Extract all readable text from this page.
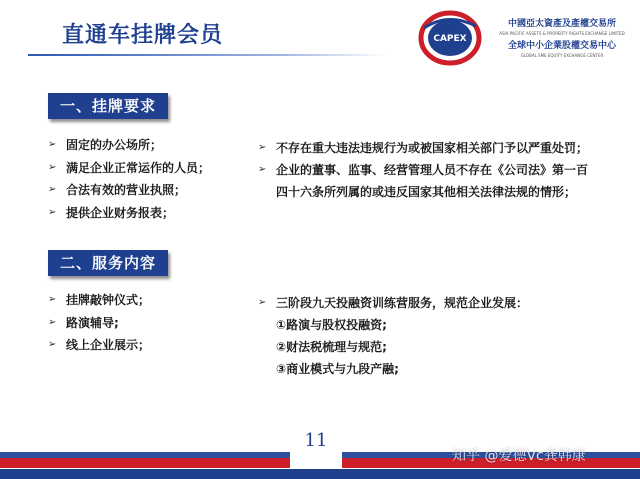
直通车挂牌会员	CAPEX
中國亞太資產及產權交易所
ASIA PACIFIC ASSETS & PROPERTY RIGHTS EXCHANGE LIMITED
全球中小企業股權交易中心
GLOBAL SME EQUITY EXCHANGE CENTER
一、挂牌要求
➢ 固定的办公场所；
➢ 满足企业正常运作的人员；
➢ 合法有效的营业执照；
➢ 提供企业财务报表；
➢ 不存在重大违法违规行为或被国家相关部门予以严重处罚；
➢ 企业的董事、监事、经营管理人员不存在《公司法》第一百
四十六条所列属的或违反国家其他相关法律法规的情形；
二、服务内容
➢ 挂牌敲钟仪式；
➢ 路演辅导;
➢ 线上企业展示；
➢ 三阶段九天投融资训练营服务，规范企业发展：
①路演与股权投融资;
②财法税梳理与规范;
③商业模式与九段产融;
11
知乎 @爱德Vc龚韩康
